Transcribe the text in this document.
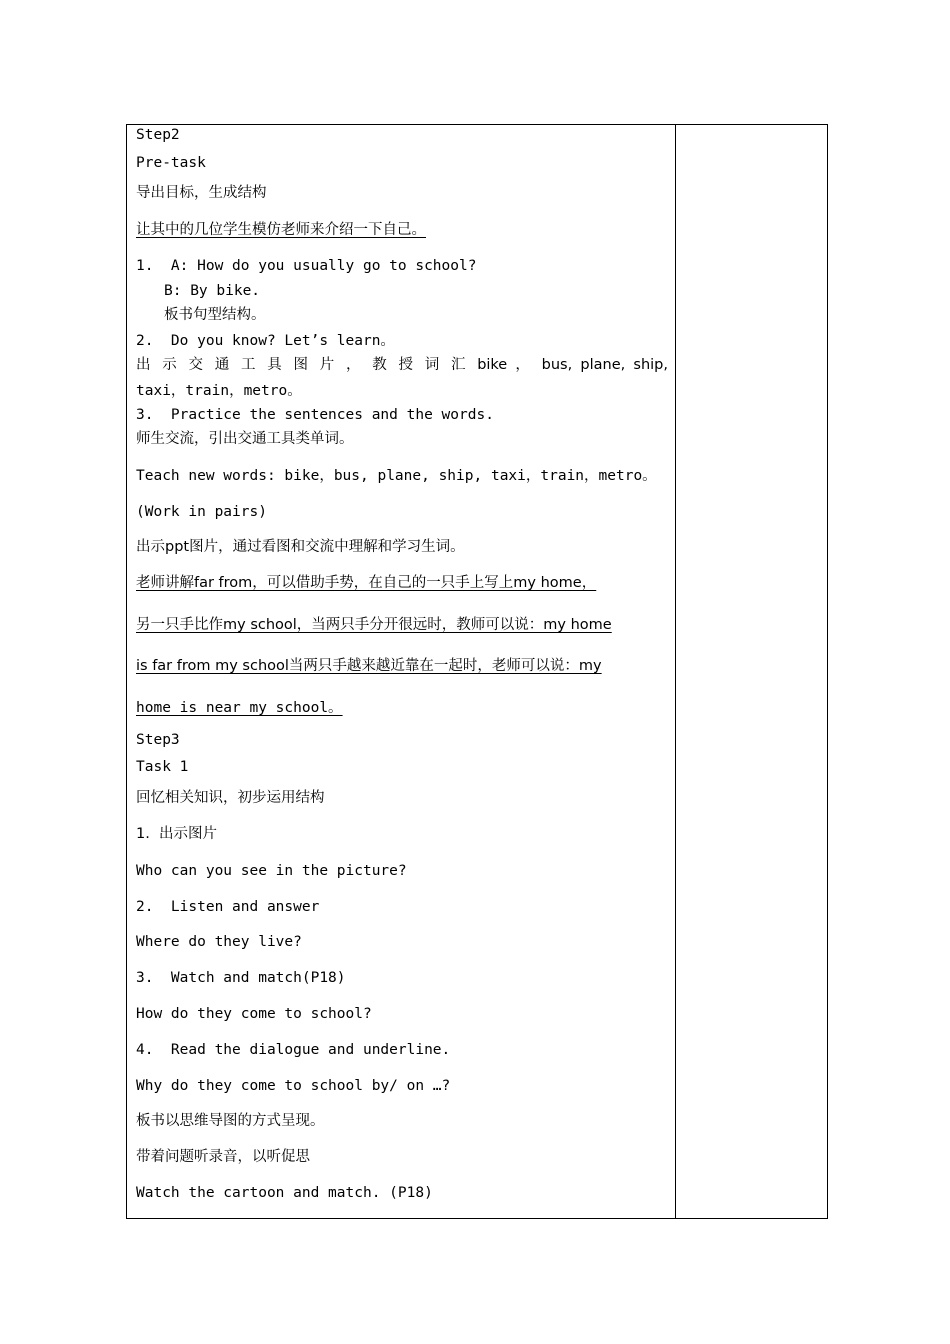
Step2
Pre-task
导出目标，生成结构
让其中的几位学生模仿老师来介绍一下自己。
1.  A: How do you usually go to school?
B: By bike.
板书句型结构。
2.  Do you know? Let’s learn。
出 示 交 通 工 具 图 片 ， 教 授 词 汇 bike ， bus, plane, ship,
taxi，train，metro。
3.  Practice the sentences and the words.
师生交流，引出交通工具类单词。
Teach new words: bike，bus, plane, ship, taxi，train，metro。
(Work in pairs)
出示ppt图片，通过看图和交流中理解和学习生词。
老师讲解far from，可以借助手势，在自己的一只手上写上my home，
另一只手比作my school，当两只手分开很远时，教师可以说：my home
is far from my school当两只手越来越近靠在一起时，老师可以说：my
home is near my school。
Step3
Task 1
回忆相关知识，初步运用结构
1.  出示图片
Who can you see in the picture?
2.  Listen and answer
Where do they live?
3.  Watch and match(P18)
How do they come to school?
4.  Read the dialogue and underline.
Why do they come to school by/ on …?
板书以思维导图的方式呈现。
带着问题听录音，以听促思
Watch the cartoon and match. (P18)
